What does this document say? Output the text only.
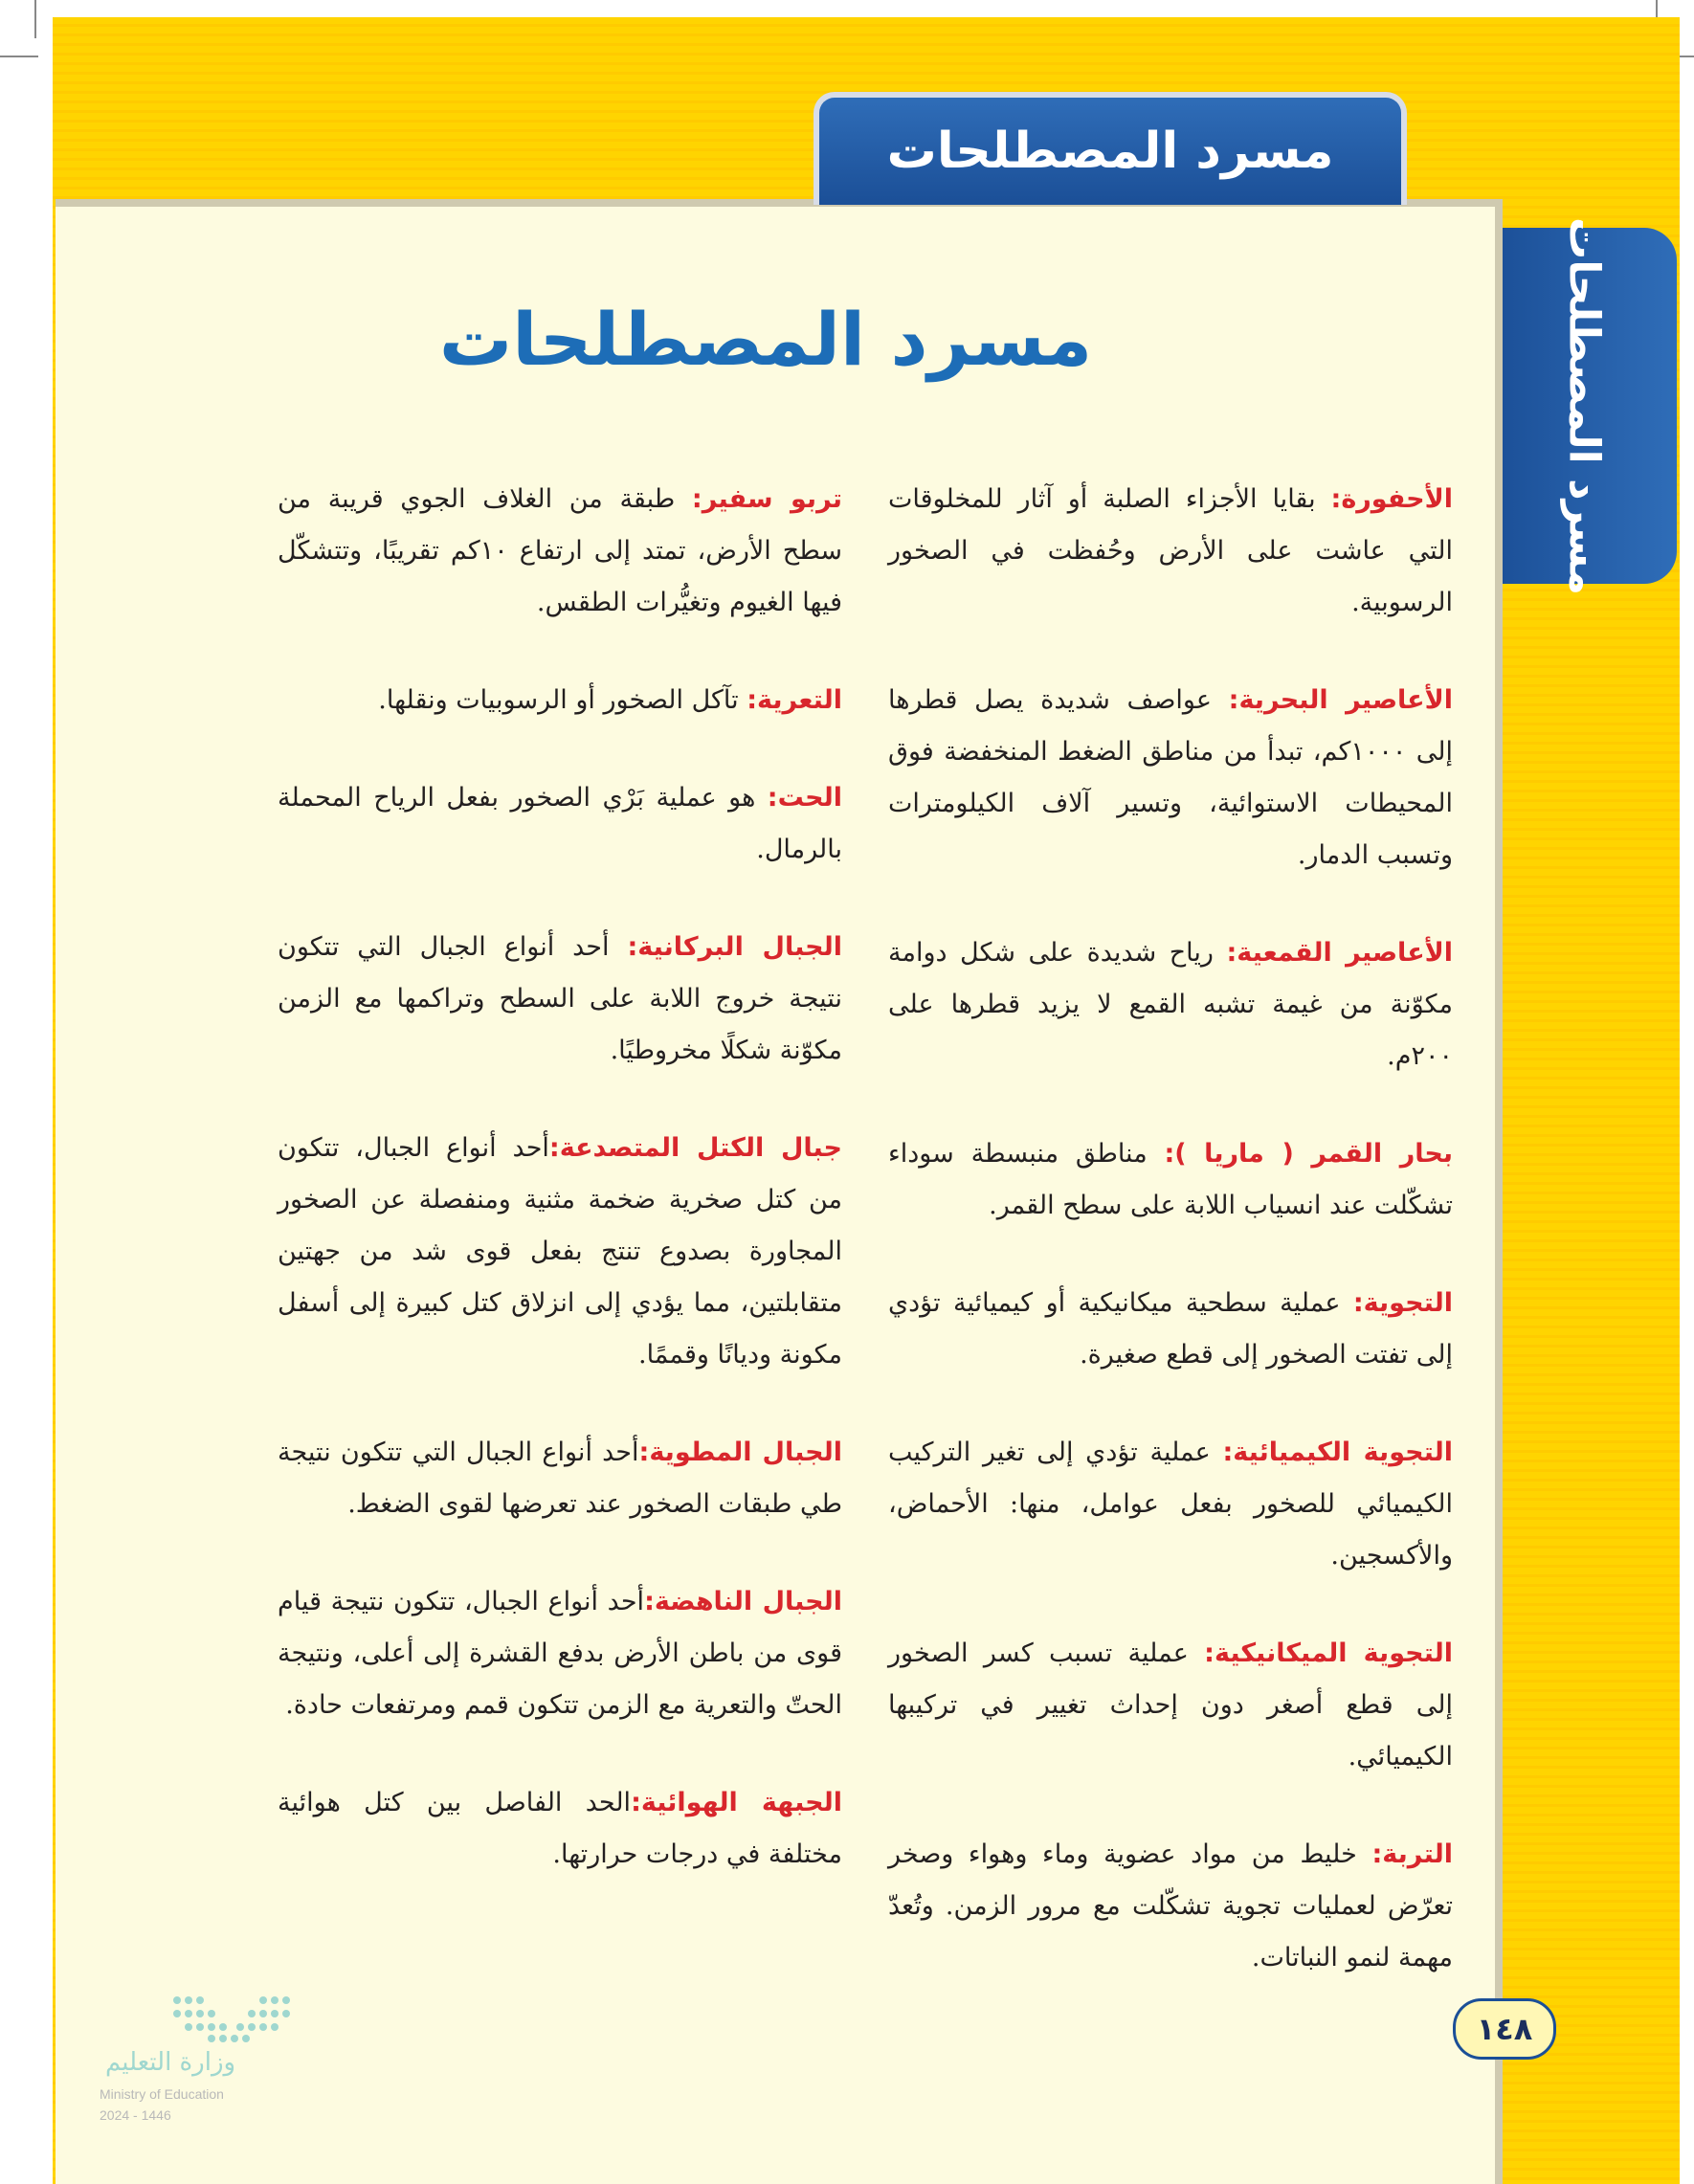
مسرد المصطلحات
مسرد المصطلحات
مسرد المصطلحات

الأحفورة: بقايا الأجزاء الصلبة أو آثار للمخلوقات التي عاشت على الأرض وحُفظت في الصخور الرسوبية.

الأعاصير البحرية: عواصف شديدة يصل قطرها إلى ١٠٠٠كم، تبدأ من مناطق الضغط المنخفضة فوق المحيطات الاستوائية، وتسير آلاف الكيلومترات وتسبب الدمار.

الأعاصير القمعية: رياح شديدة على شكل دوامة مكوّنة من غيمة تشبه القمع لا يزيد قطرها على ٢٠٠م.

بحار القمر ( ماريا ): مناطق منبسطة سوداء تشكّلت عند انسياب اللابة على سطح القمر.

التجوية: عملية سطحية ميكانيكية أو كيميائية تؤدي إلى تفتت الصخور إلى قطع صغيرة.

التجوية الكيميائية: عملية تؤدي إلى تغير التركيب الكيميائي للصخور بفعل عوامل، منها: الأحماض، والأكسجين.

التجوية الميكانيكية: عملية تسبب كسر الصخور إلى قطع أصغر دون إحداث تغيير في تركيبها الكيميائي.

التربة: خليط من مواد عضوية وماء وهواء وصخر تعرّض لعمليات تجوية تشكّلت مع مرور الزمن. وتُعدّ مهمة لنمو النباتات.

تربو سفير: طبقة من الغلاف الجوي قريبة من سطح الأرض، تمتد إلى ارتفاع ١٠كم تقريبًا، وتتشكّل فيها الغيوم وتغيُّرات الطقس.

التعرية: تآكل الصخور أو الرسوبيات ونقلها.

الحت: هو عملية بَرْي الصخور بفعل الرياح المحملة بالرمال.

الجبال البركانية: أحد أنواع الجبال التي تتكون نتيجة خروج اللابة على السطح وتراكمها مع الزمن مكوّنة شكلًا مخروطيًا.

جبال الكتل المتصدعة:أحد أنواع الجبال، تتكون من كتل صخرية ضخمة مثنية ومنفصلة عن الصخور المجاورة بصدوع تنتج بفعل قوى شد من جهتين متقابلتين، مما يؤدي إلى انزلاق كتل كبيرة إلى أسفل مكونة وديانًا وقممًا.

الجبال المطوية:أحد أنواع الجبال التي تتكون نتيجة طي طبقات الصخور عند تعرضها لقوى الضغط.

الجبال الناهضة:أحد أنواع الجبال، تتكون نتيجة قيام قوى من باطن الأرض بدفع القشرة إلى أعلى، ونتيجة الحتّ والتعرية مع الزمن تتكون قمم ومرتفعات حادة.

الجبهة الهوائية:الحد الفاصل بين كتل هوائية مختلفة في درجات حرارتها.

١٤٨
وزارة التعليم
Ministry of Education
2024 - 1446
